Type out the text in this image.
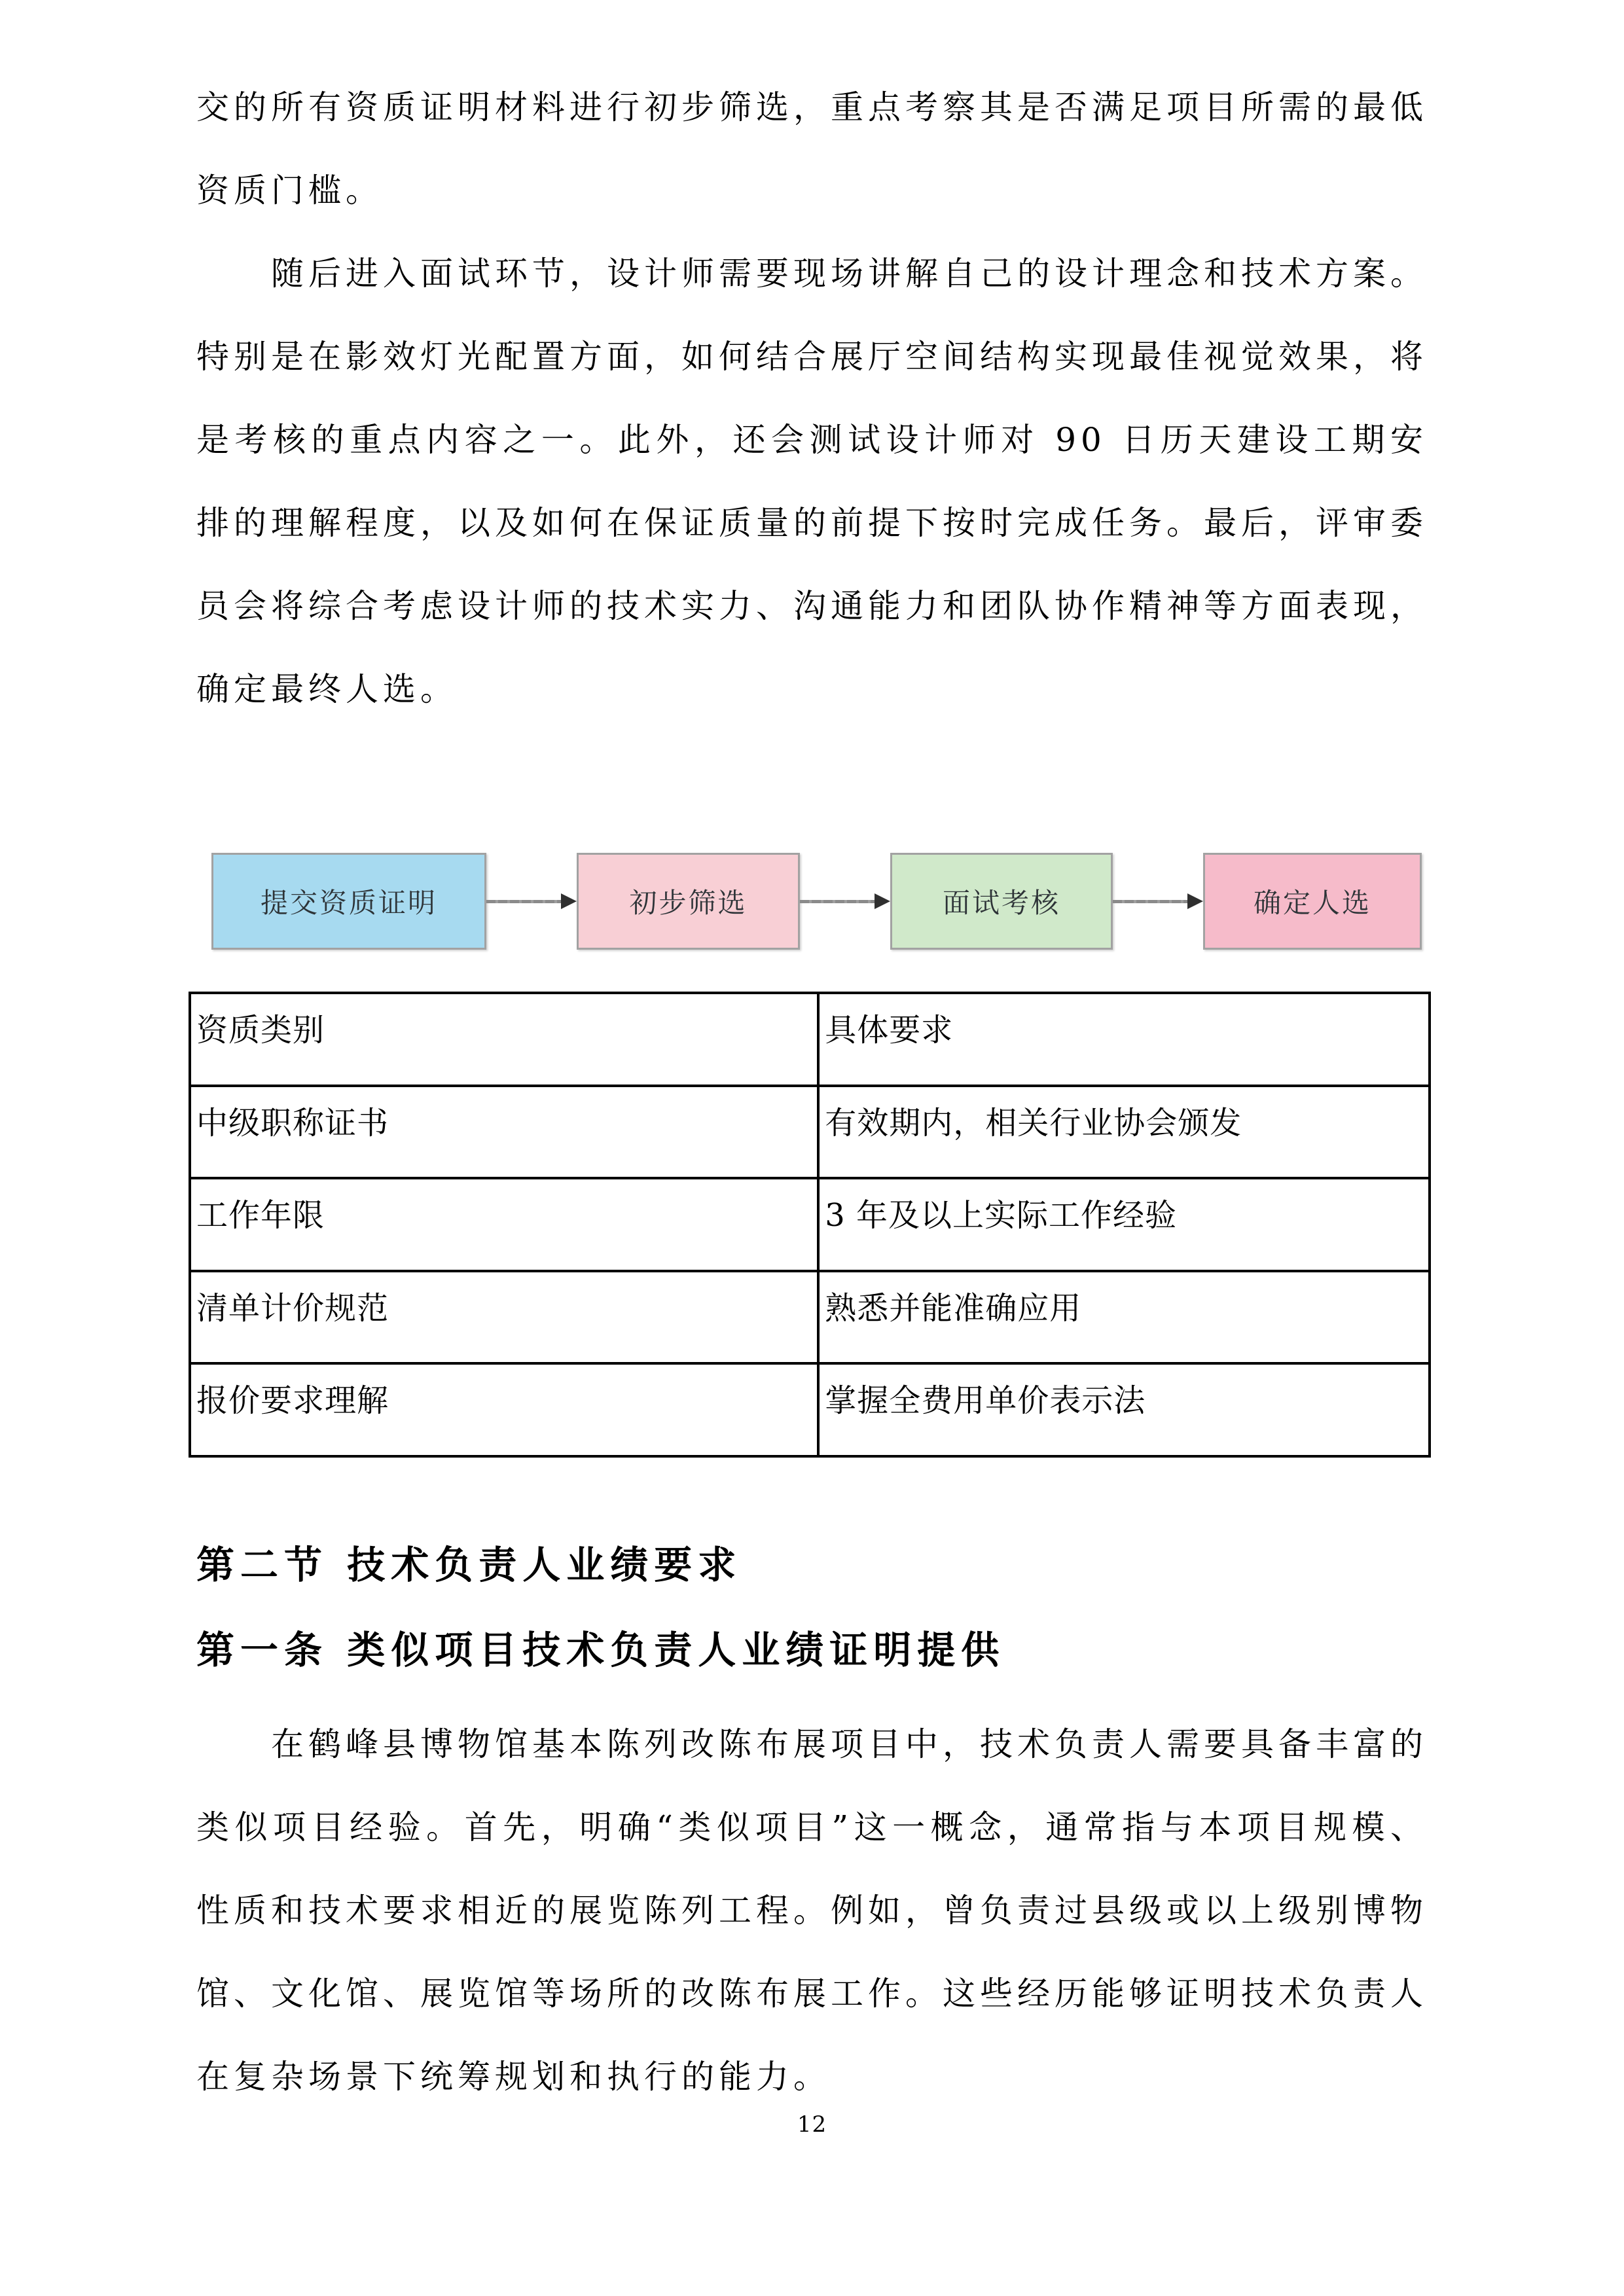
交的所有资质证明材料进行初步筛选，重点考察其是否满足项目所需的最低资质门槛。

随后进入面试环节，设计师需要现场讲解自己的设计理念和技术方案。特别是在影效灯光配置方面，如何结合展厅空间结构实现最佳视觉效果，将是考核的重点内容之一。此外，还会测试设计师对 90 日历天建设工期安排的理解程度，以及如何在保证质量的前提下按时完成任务。最后，评审委员会将综合考虑设计师的技术实力、沟通能力和团队协作精神等方面表现，确定最终人选。

提交资质证明	初步筛选	面试考核	确定人选
资质类别	具体要求
中级职称证书	有效期内，相关行业协会颁发
工作年限	3 年及以上实际工作经验
清单计价规范	熟悉并能准确应用
报价要求理解	掌握全费用单价表示法
第二节 技术负责人业绩要求
第一条 类似项目技术负责人业绩证明提供

在鹤峰县博物馆基本陈列改陈布展项目中，技术负责人需要具备丰富的类似项目经验。首先，明确“类似项目”这一概念，通常指与本项目规模、性质和技术要求相近的展览陈列工程。例如，曾负责过县级或以上级别博物馆、文化馆、展览馆等场所的改陈布展工作。这些经历能够证明技术负责人在复杂场景下统筹规划和执行的能力。

12
